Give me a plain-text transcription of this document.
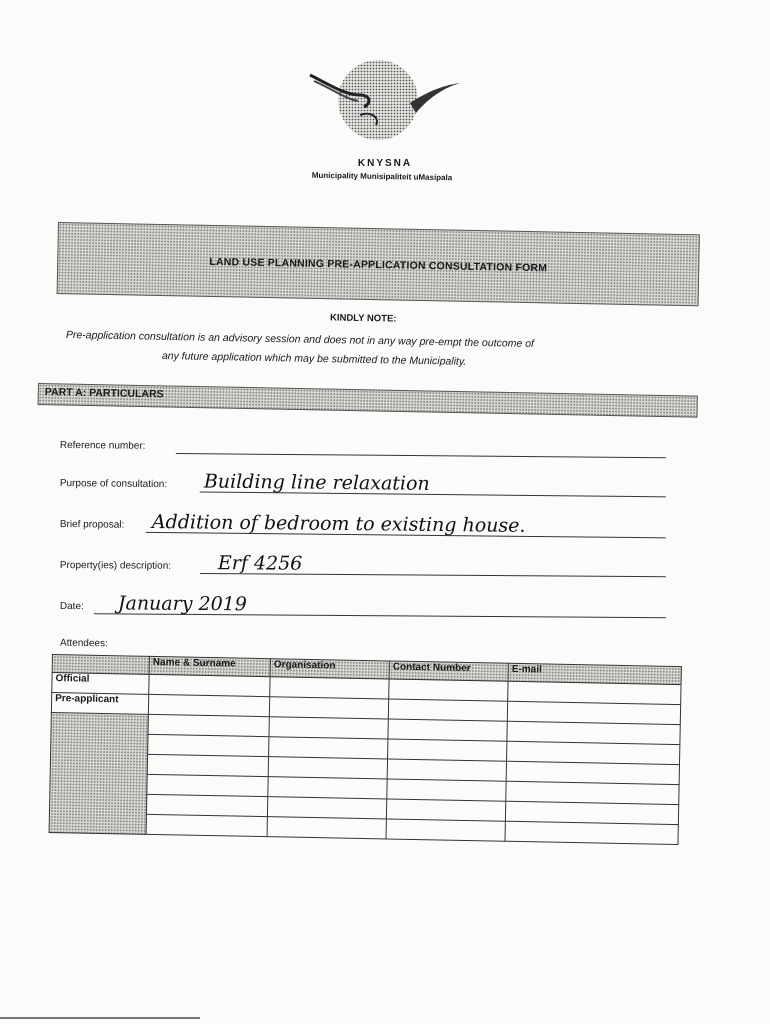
KNYSNA
Municipality Munisipaliteit uMasipala
LAND USE PLANNING PRE-APPLICATION CONSULTATION FORM
KINDLY NOTE:
Pre-application consultation is an advisory session and does not in any way pre-empt the outcome of
any future application which may be submitted to the Municipality.
PART A: PARTICULARS
Reference number:
Purpose of consultation: Building line relaxation
Brief proposal: Addition of bedroom to existing house.
Property(ies) description: Erf 4256
Date: January 2019
Attendees:
	Name & Surname	Organisation	Contact Number	E-mail
Official				
Pre-applicant				
